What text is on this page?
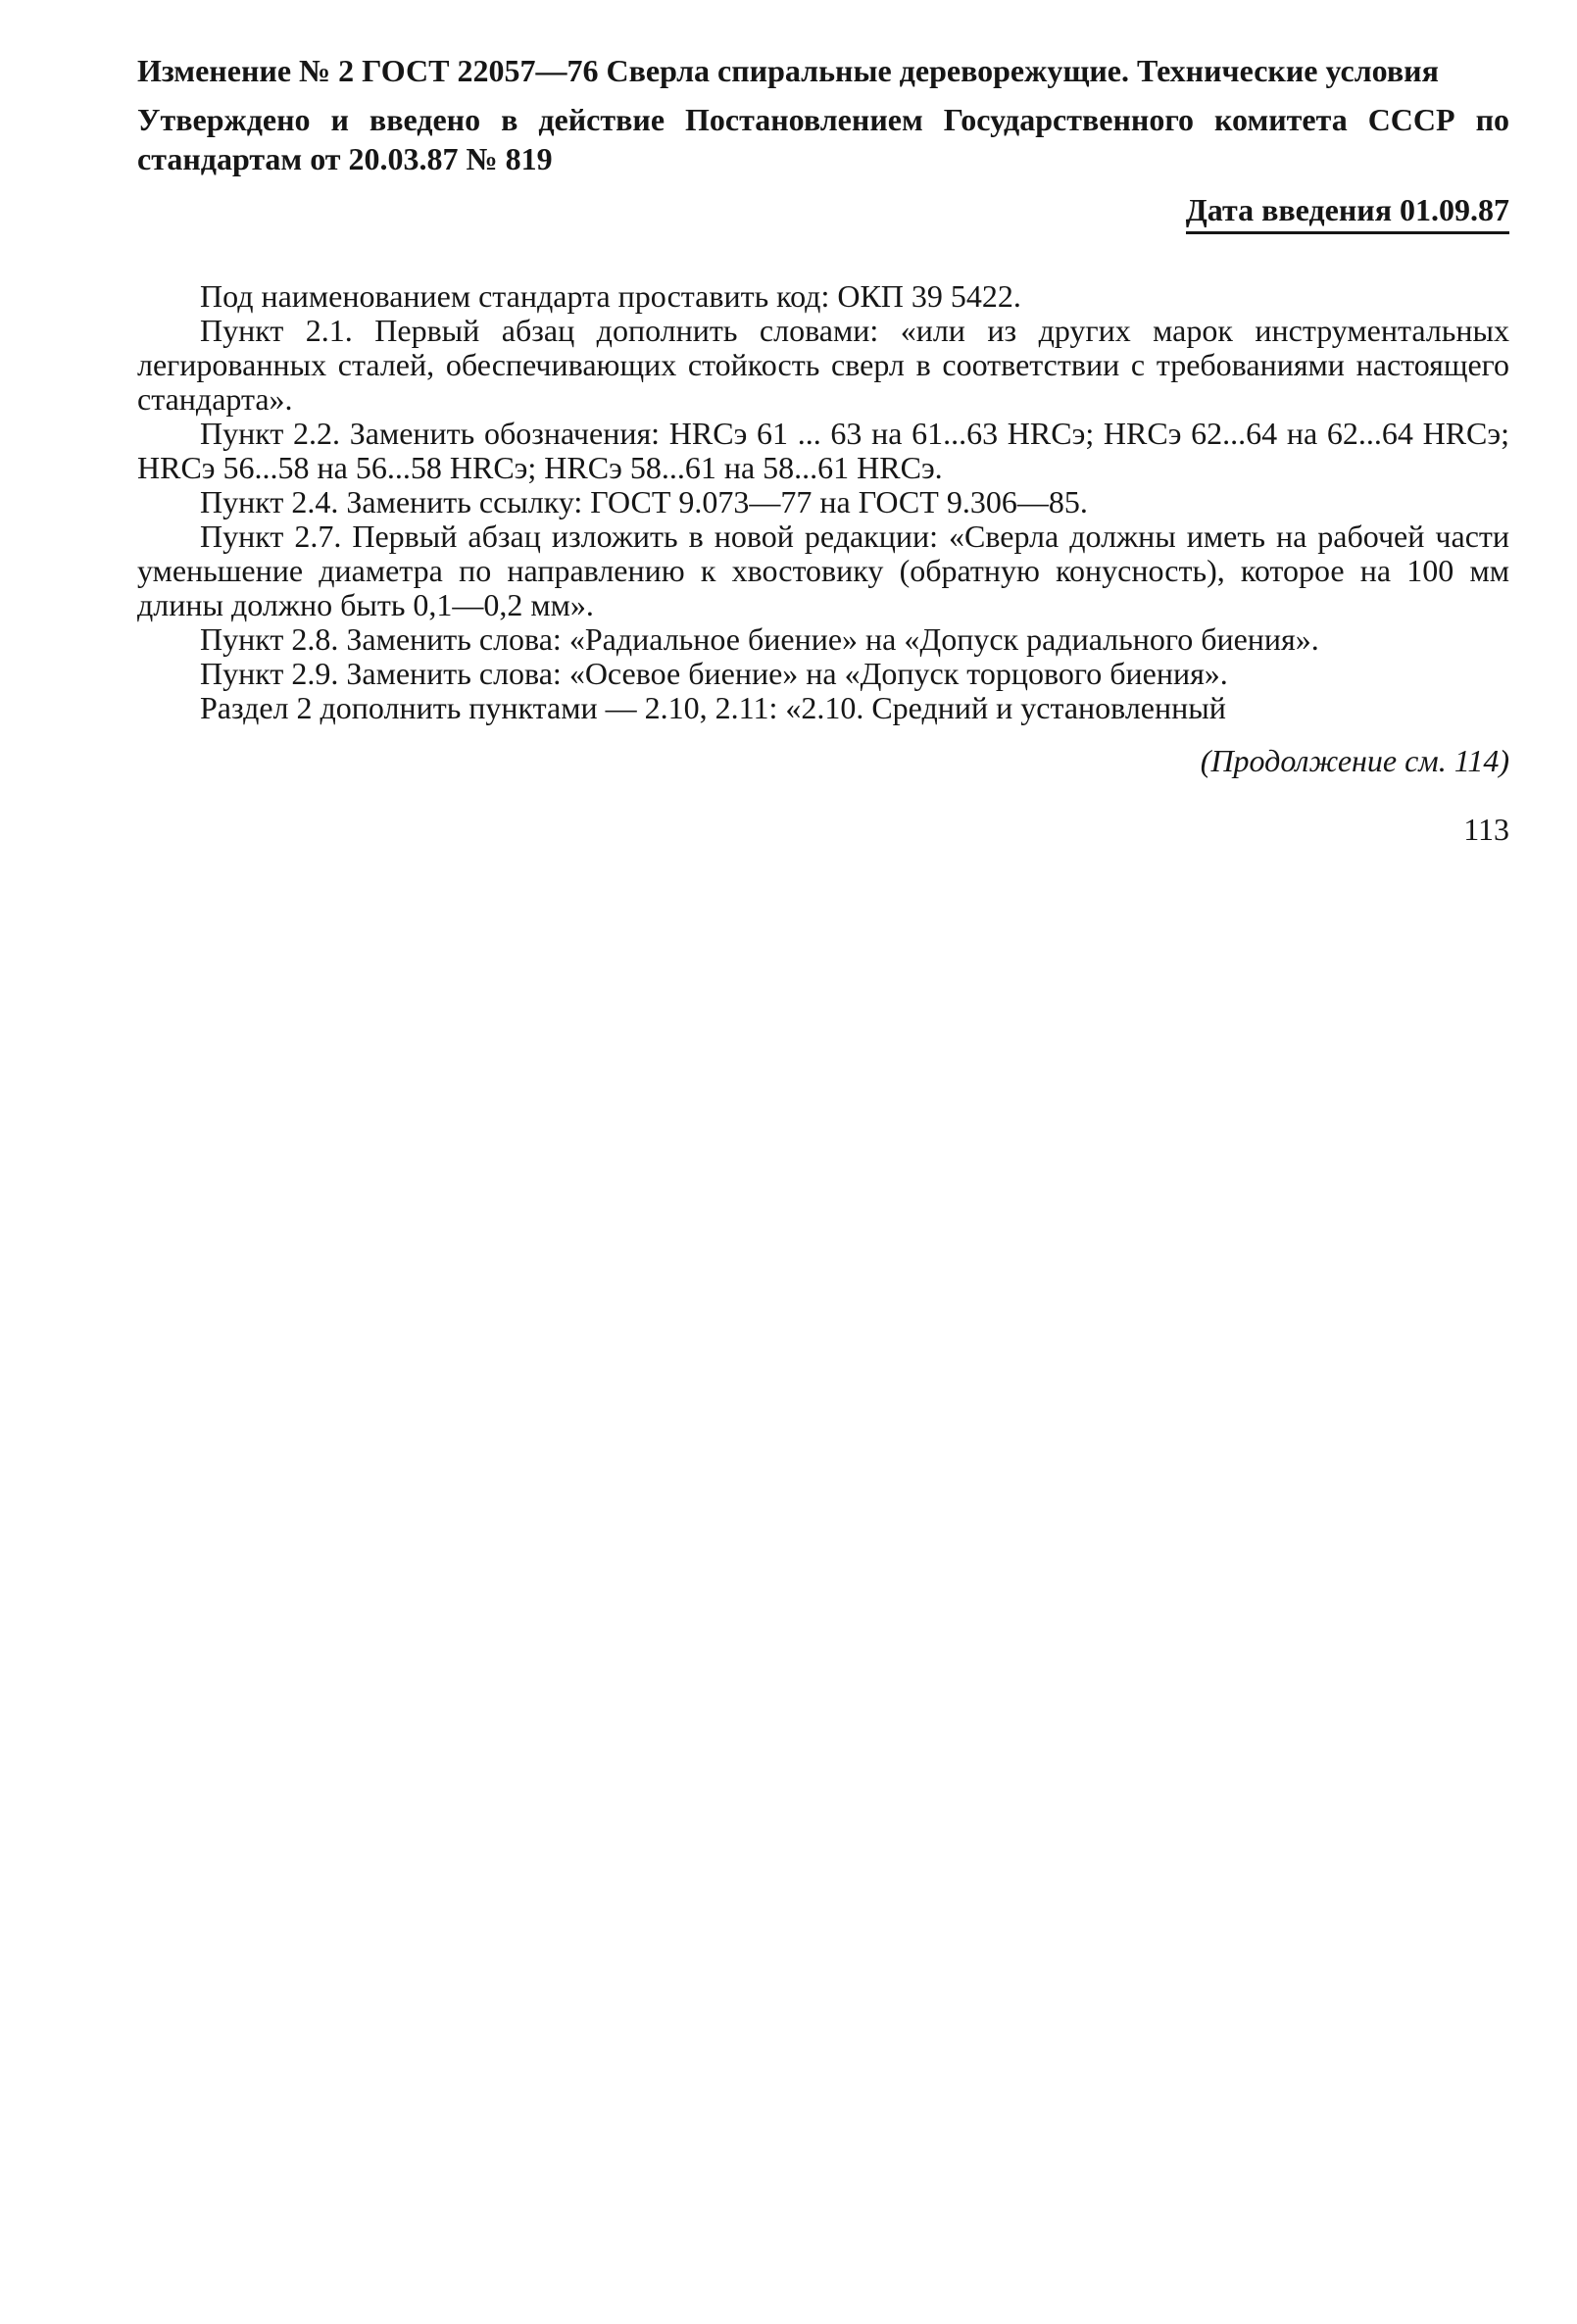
Изменение № 2 ГОСТ 22057—76 Сверла спиральные дереворежущие. Технические условия

Утверждено и введено в действие Постановлением Государственного комитета СССР по стандартам от 20.03.87 № 819

Дата введения 01.09.87

Под наименованием стандарта проставить код: ОКП 39 5422.

Пункт 2.1. Первый абзац дополнить словами: «или из других марок инструментальных легированных сталей, обеспечивающих стойкость сверл в соответствии с требованиями настоящего стандарта».

Пункт 2.2. Заменить обозначения: HRCэ 61 ... 63 на 61...63 HRCэ; HRCэ 62...64 на 62...64 HRCэ; HRCэ 56...58 на 56...58 HRCэ; HRCэ 58...61 на 58...61 HRCэ.

Пункт 2.4. Заменить ссылку: ГОСТ 9.073—77 на ГОСТ 9.306—85.

Пункт 2.7. Первый абзац изложить в новой редакции: «Сверла должны иметь на рабочей части уменьшение диаметра по направлению к хвостовику (обратную конусность), которое на 100 мм длины должно быть 0,1—0,2 мм».

Пункт 2.8. Заменить слова: «Радиальное биение» на «Допуск радиального биения».

Пункт 2.9. Заменить слова: «Осевое биение» на «Допуск торцового биения».

Раздел 2 дополнить пунктами — 2.10, 2.11: «2.10. Средний и установленный

(Продолжение см. 114)
113
